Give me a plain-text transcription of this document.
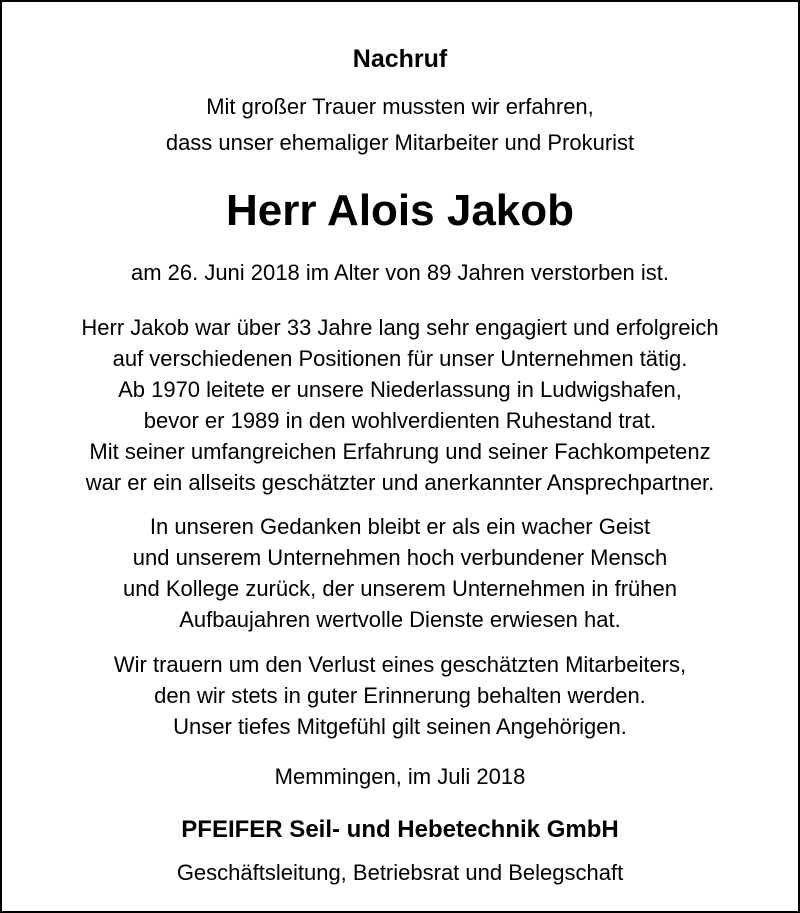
Nachruf
Mit großer Trauer mussten wir erfahren,
dass unser ehemaliger Mitarbeiter und Prokurist
Herr Alois Jakob
am 26. Juni 2018 im Alter von 89 Jahren verstorben ist.
Herr Jakob war über 33 Jahre lang sehr engagiert und erfolgreich
auf verschiedenen Positionen für unser Unternehmen tätig.
Ab 1970 leitete er unsere Niederlassung in Ludwigshafen,
bevor er 1989 in den wohlverdienten Ruhestand trat.
Mit seiner umfangreichen Erfahrung und seiner Fachkompetenz
war er ein allseits geschätzter und anerkannter Ansprechpartner.
In unseren Gedanken bleibt er als ein wacher Geist
und unserem Unternehmen hoch verbundener Mensch
und Kollege zurück, der unserem Unternehmen in frühen
Aufbaujahren wertvolle Dienste erwiesen hat.
Wir trauern um den Verlust eines geschätzten Mitarbeiters,
den wir stets in guter Erinnerung behalten werden.
Unser tiefes Mitgefühl gilt seinen Angehörigen.
Memmingen, im Juli 2018
PFEIFER Seil- und Hebetechnik GmbH
Geschäftsleitung, Betriebsrat und Belegschaft
